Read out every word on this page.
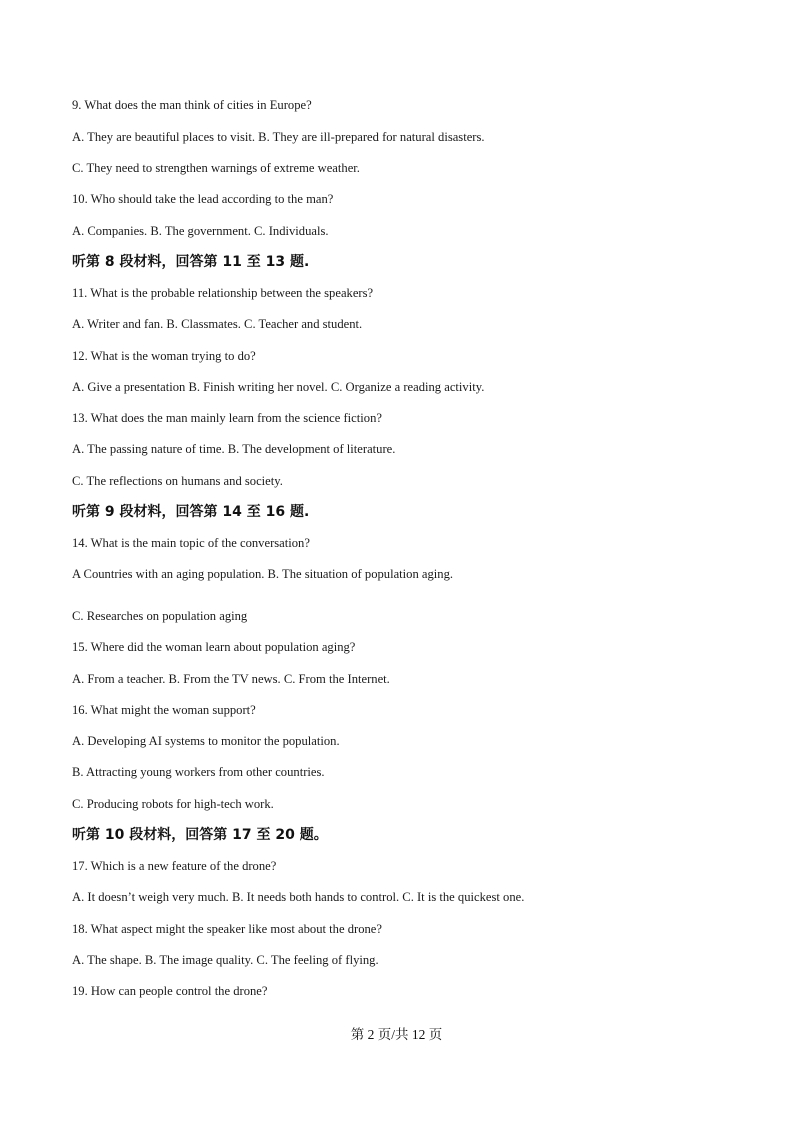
9. What does the man think of cities in Europe?
A. They are beautiful places to visit. B. They are ill-prepared for natural disasters.
C. They need to strengthen warnings of extreme weather.
10. Who should take the lead according to the man?
A. Companies. B. The government. C. Individuals.
听第 8 段材料，回答第 11 至 13 题.
11. What is the probable relationship between the speakers?
A. Writer and fan. B. Classmates. C. Teacher and student.
12. What is the woman trying to do?
A. Give a presentation B. Finish writing her novel. C. Organize a reading activity.
13. What does the man mainly learn from the science fiction?
A. The passing nature of time. B. The development of literature.
C. The reflections on humans and society.
听第 9 段材料，回答第 14 至 16 题.
14. What is the main topic of the conversation?
A Countries with an aging population. B. The situation of population aging.
C. Researches on population aging
15. Where did the woman learn about population aging?
A. From a teacher. B. From the TV news. C. From the Internet.
16. What might the woman support?
A. Developing AI systems to monitor the population.
B. Attracting young workers from other countries.
C. Producing robots for high-tech work.
听第 10 段材料，回答第 17 至 20 题。
17. Which is a new feature of the drone?
A. It doesn’t weigh very much. B. It needs both hands to control. C. It is the quickest one.
18. What aspect might the speaker like most about the drone?
A. The shape. B. The image quality. C. The feeling of flying.
19. How can people control the drone?
第 2 页/共 12 页
